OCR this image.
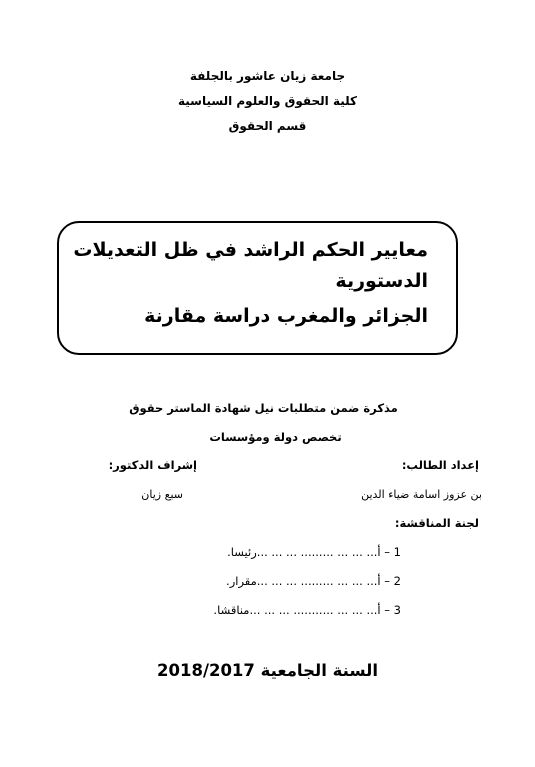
جامعة زيان عاشور بالجلفة
كلية الحقوق والعلوم السياسية
قسم الحقوق
معايير الحكم الراشد في ظل التعديلات
الدستورية
الجزائر والمغرب دراسة مقارنة
مذكرة ضمن متطلبات نيل شهادة الماستر حقوق
تخصص دولة ومؤسسات
إعداد الطالب:
إشراف الدكتور:
بن عزوز اسامة ضياء الدين
سبع زيان
لجنة المناقشة:
1 – أ... ... ... ......... ... ... ...رئيسا.
2 – أ... ... ... ......... ... ... ...مقرار.
3 – أ... ... ... ........... ... ... ...مناقشا.
السنة الجامعية 2018/2017
